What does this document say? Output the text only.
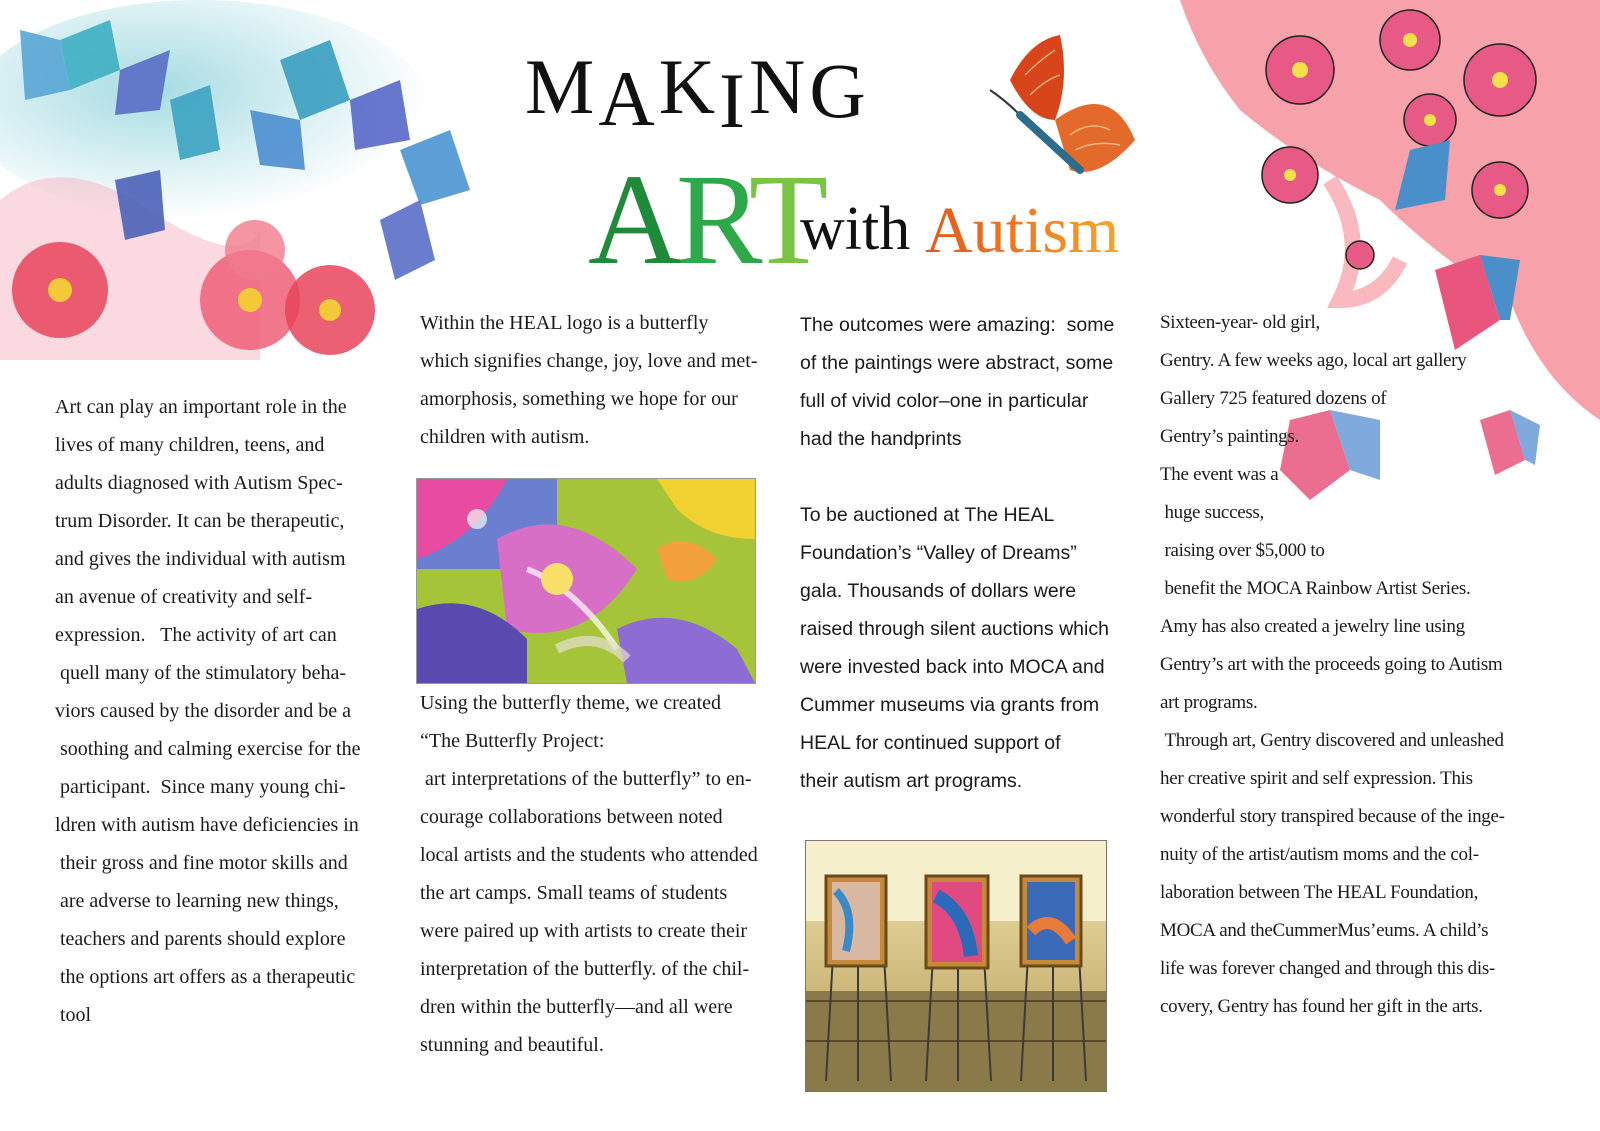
MAKING
ART
with Autism

Art can play an important role in the

lives of many children, teens, and

adults diagnosed with Autism Spec-

trum Disorder. It can be therapeutic,

and gives the individual with autism

an avenue of creativity and self-

expression.   The activity of art can

quell many of the stimulatory beha-

viors caused by the disorder and be a

soothing and calming exercise for the

participant.  Since many young chi-

ldren with autism have deficiencies in

their gross and fine motor skills and

are adverse to learning new things,

teachers and parents should explore

the options art offers as a therapeutic

tool

Within the HEAL logo is a butterfly

which signifies change, joy, love and met-

amorphosis, something we hope for our

children with autism.

Using the butterfly theme, we created

“The Butterfly Project:

art interpretations of the butterfly” to en-

courage collaborations between noted

local artists and the students who attended

the art camps. Small teams of students

were paired up with artists to create their

interpretation of the butterfly. of the chil-

dren within the butterfly—and all were

stunning and beautiful.

The outcomes were amazing:  some

of the paintings were abstract, some

full of vivid color–one in particular

had the handprints

To be auctioned at The HEAL

Foundation’s “Valley of Dreams”

gala. Thousands of dollars were

raised through silent auctions which

were invested back into MOCA and

Cummer museums via grants from

HEAL for continued support of

their autism art programs.

Sixteen-year- old girl,

Gentry. A few weeks ago, local art gallery

Gallery 725 featured dozens of

Gentry’s paintings.

The event was a

huge success,

raising over $5,000 to

benefit the MOCA Rainbow Artist Series.

Amy has also created a jewelry line using

Gentry’s art with the proceeds going to Autism

art programs.

Through art, Gentry discovered and unleashed

her creative spirit and self expression. This

wonderful story transpired because of the inge-

nuity of the artist/autism moms and the col-

laboration between The HEAL Foundation,

MOCA and theCummerMus’eums. A child’s

life was forever changed and through this dis-

covery, Gentry has found her gift in the arts.
